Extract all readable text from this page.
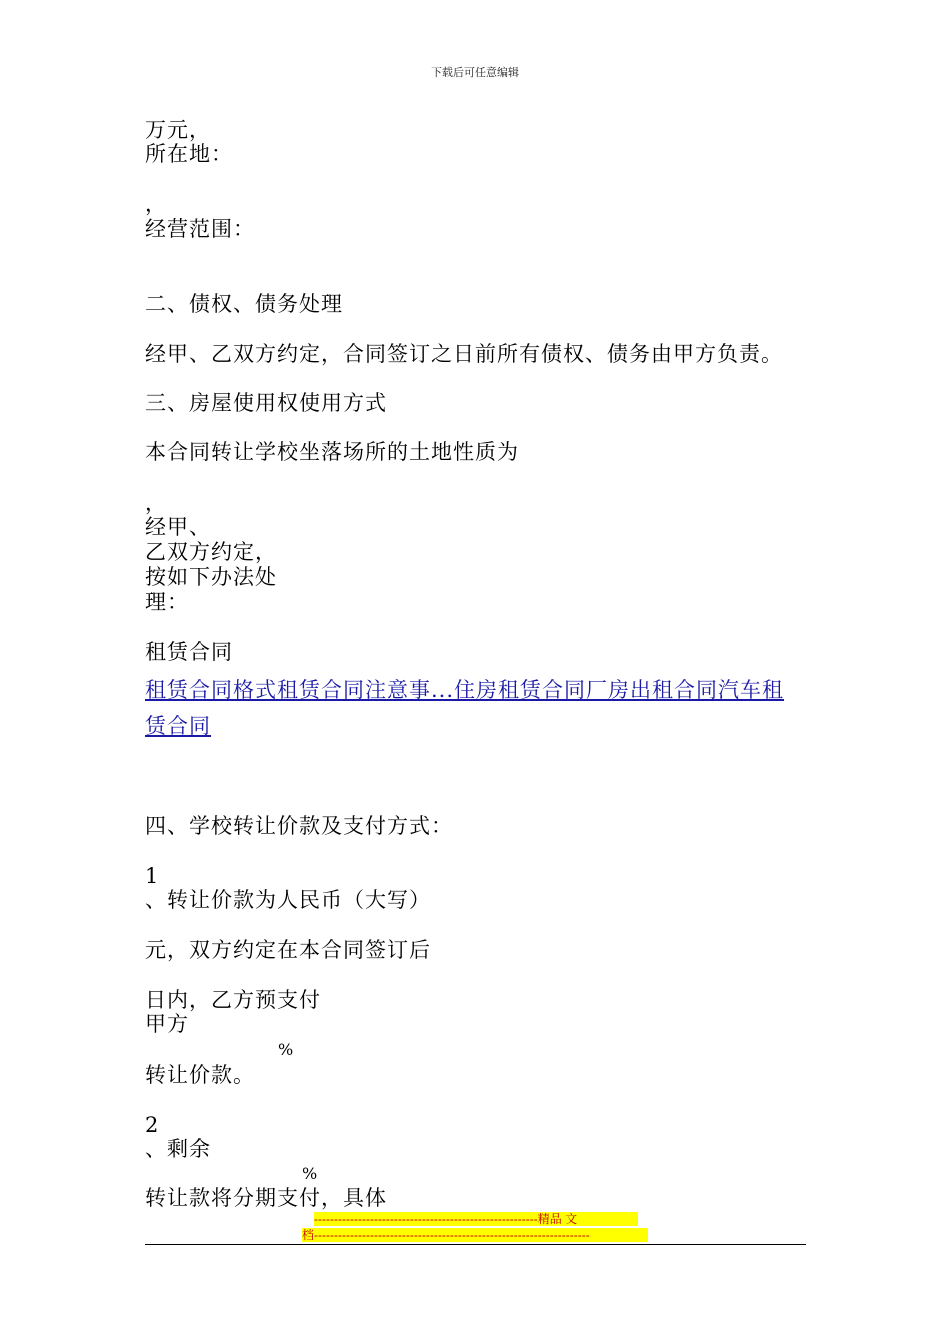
下载后可任意编辑
万元，
所在地：
，
经营范围：
二、债权、债务处理
经甲、乙双方约定，合同签订之日前所有债权、债务由甲方负责。
三、房屋使用权使用方式
本合同转让学校坐落场所的土地性质为
，
经甲、
乙双方约定，
按如下办法处
理：
租赁合同
租赁合同格式租赁合同注意事...住房租赁合同厂房出租合同汽车租
赁合同
四、学校转让价款及支付方式：
1
、转让价款为人民币（大写）
元，双方约定在本合同签订后
日内，乙方预支付
甲方
%
转让价款。
2
、剩余
%
转让款将分期支付，具体
--------------------------------------------------------精品 文
档---------------------------------------------------------------------
